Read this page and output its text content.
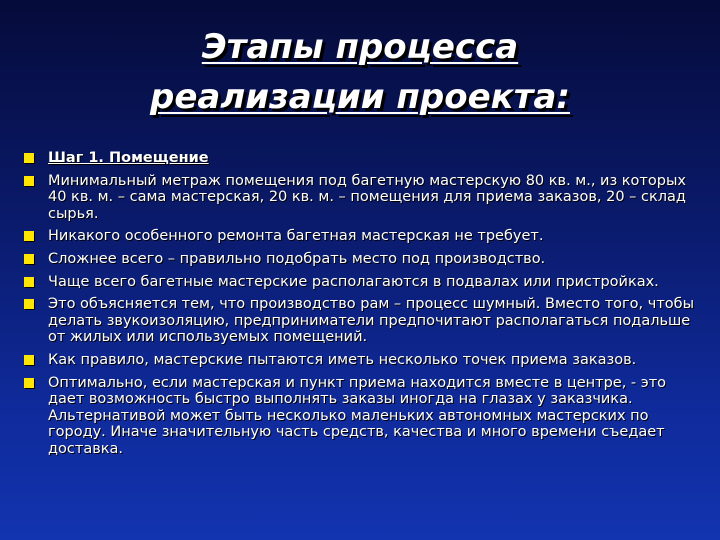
Этапы процесса
реализации проекта:
Шаг 1. Помещение
Минимальный метраж помещения под багетную мастерскую 80 кв. м., из которых 40 кв. м. – сама мастерская, 20 кв. м. – помещения для приема заказов, 20 – склад сырья.
Никакого особенного ремонта багетная мастерская не требует.
Сложнее всего – правильно подобрать место под производство.
Чаще всего багетные мастерские располагаются в подвалах или пристройках.
Это объясняется тем, что производство рам – процесс шумный. Вместо того, чтобы делать звукоизоляцию, предприниматели предпочитают располагаться подальше от жилых или используемых помещений.
Как правило, мастерские пытаются иметь несколько точек приема заказов.
Оптимально, если мастерская и пункт приема находится вместе в центре, - это дает возможность быстро выполнять заказы иногда на глазах у заказчика. Альтернативой может быть несколько маленьких автономных мастерских по городу. Иначе значительную часть средств, качества и много времени съедает доставка.
